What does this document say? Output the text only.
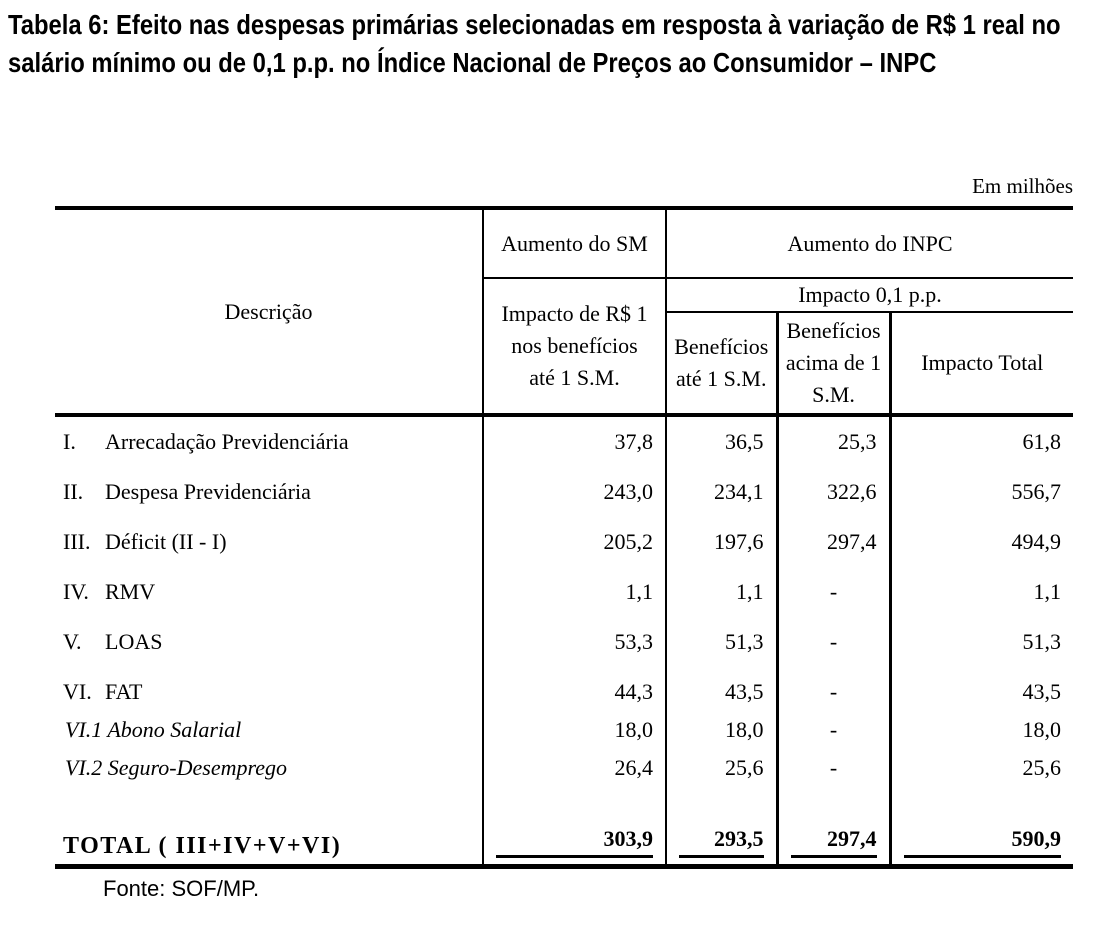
Tabela 6: Efeito nas despesas primárias selecionadas em resposta à variação de R$ 1 real no salário mínimo ou de 0,1 p.p. no Índice Nacional de Preços ao Consumidor – INPC
Em milhões
Descrição	Aumento do SM	Aumento do INPC		
	Impacto de R$ 1 nos benefícios até 1 S.M.	Impacto 0,1 p.p.		
		Benefícios até 1 S.M.	Benefícios acima de 1 S.M.	Impacto Total
I. Arrecadação Previdenciária	37,8	36,5	25,3	61,8
II. Despesa Previdenciária	243,0	234,1	322,6	556,7
III. Déficit (II - I)	205,2	197,6	297,4	494,9
IV. RMV	1,1	1,1	-	1,1
V. LOAS	53,3	51,3	-	51,3
VI. FAT	44,3	43,5	-	43,5
VI.1 Abono Salarial	18,0	18,0	-	18,0
VI.2 Seguro-Desemprego	26,4	25,6	-	25,6
TOTAL ( III+IV+V+VI)	303,9	293,5	297,4	590,9
Fonte: SOF/MP.
